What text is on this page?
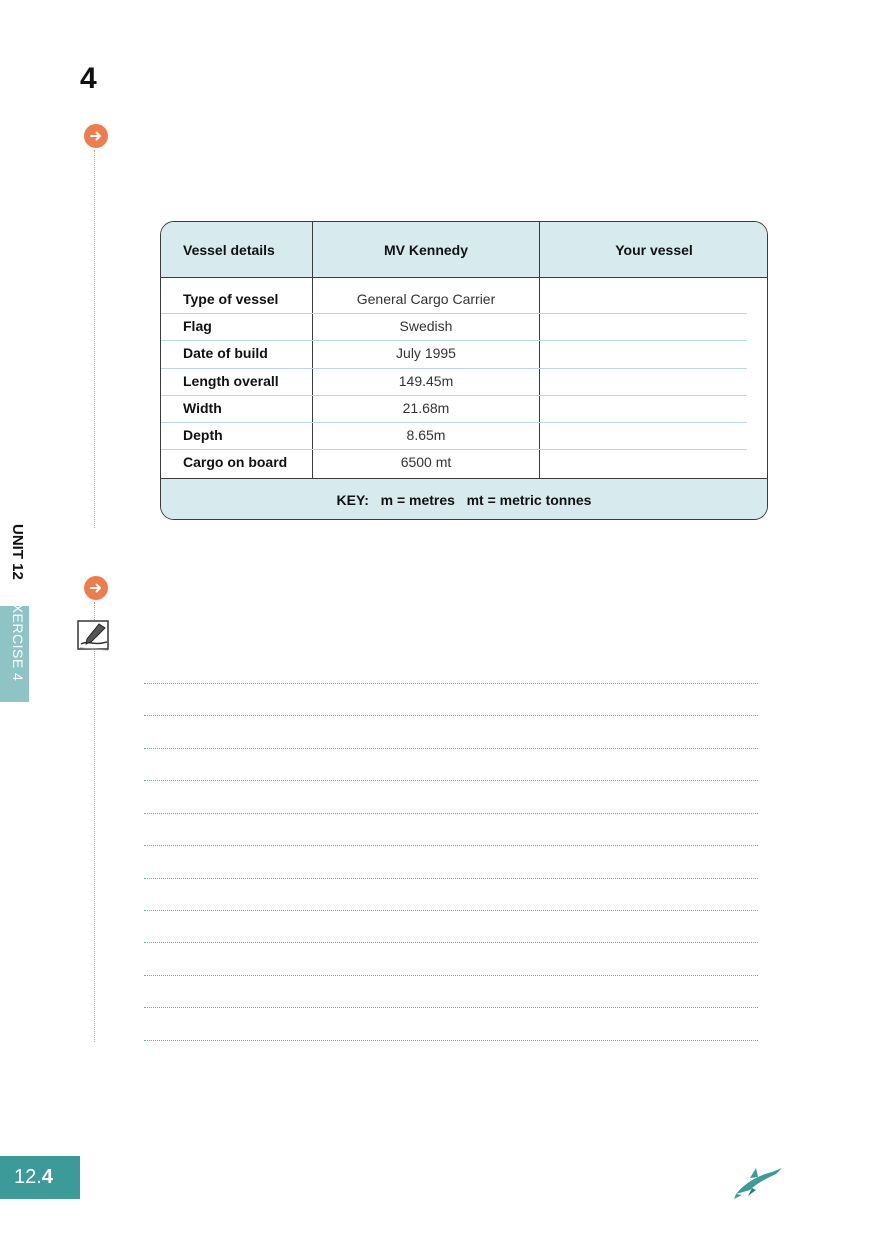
4
Vessel details	MV Kennedy	Your vessel
Type of vessel	General Cargo Carrier
Flag	Swedish
Date of build	July 1995
Length overall	149.45m
Width	21.68m
Depth	8.65m
Cargo on board	6500 mt
KEY:   m = metres   mt = metric tonnes
UNIT 12EXERCISE 4
12. 4
